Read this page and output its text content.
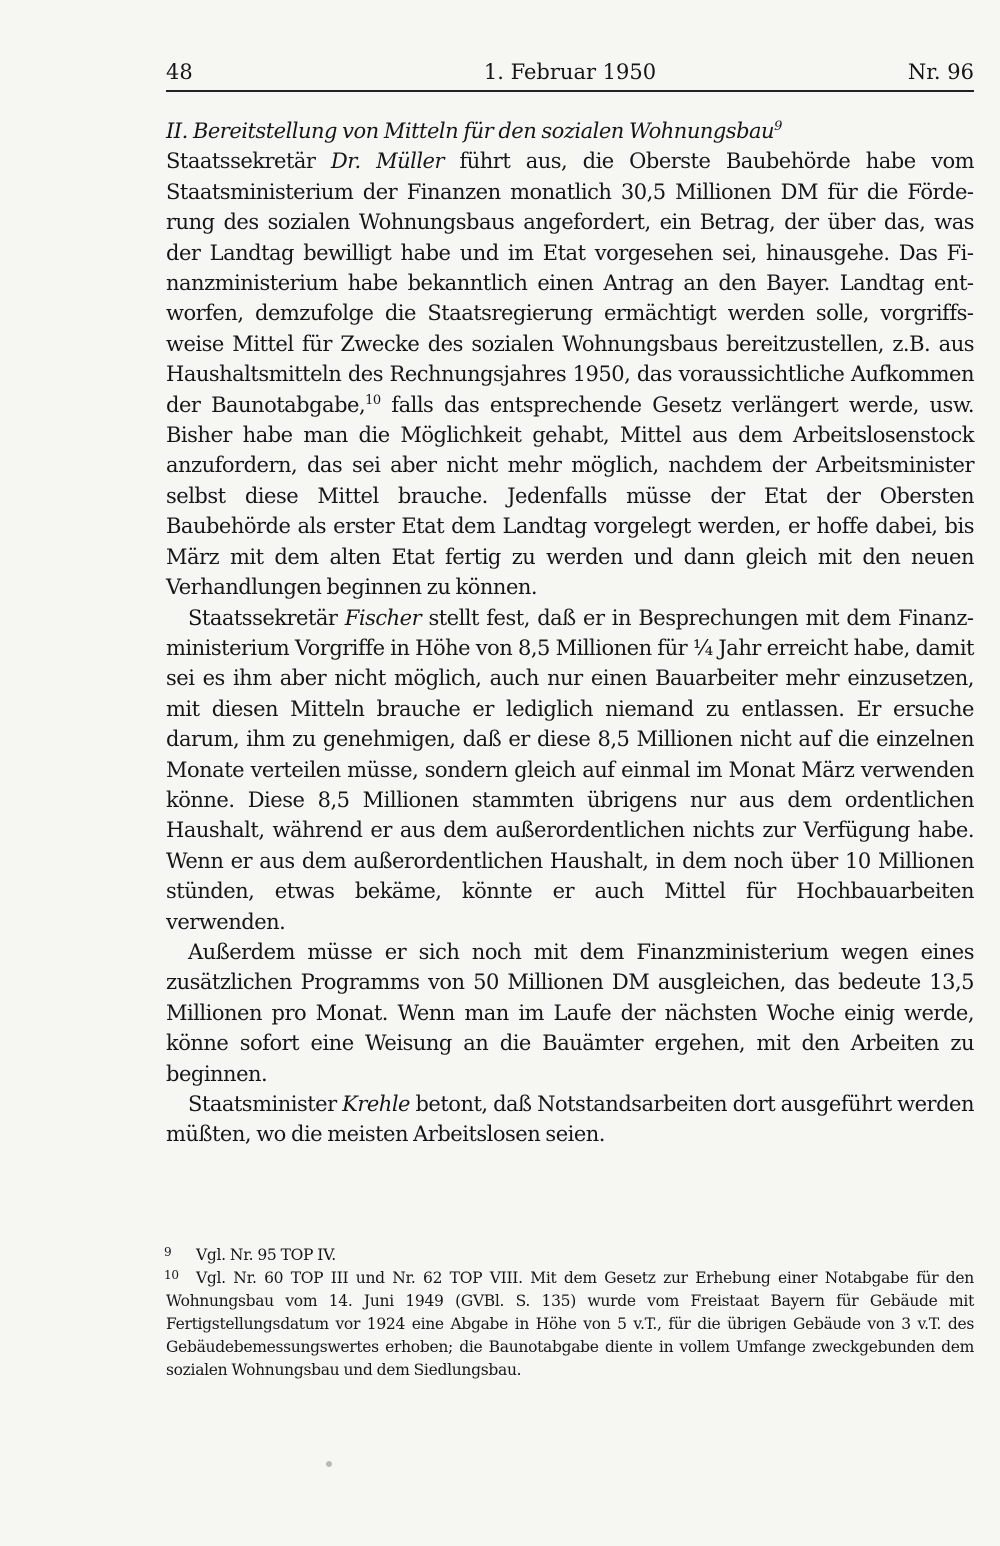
48	1. Februar 1950	Nr. 96

II. Bereitstellung von Mitteln für den sozialen Wohnungsbau$^9$

Staatssekretär Dr. Müller führt aus, die Oberste Baubehörde habe vom Staatsministerium der Finanzen monatlich 30,5 Millionen DM für die Förderung des sozialen Wohnungsbaus angefordert, ein Betrag, der über das, was der Landtag bewilligt habe und im Etat vorgesehen sei, hinausgehe. Das Finanzministerium habe bekanntlich einen Antrag an den Bayer. Landtag entworfen, demzufolge die Staatsregierung ermächtigt werden solle, vorgriffsweise Mittel für Zwecke des sozialen Wohnungsbaus bereitzustellen, z.B. aus Haushaltsmitteln des Rechnungsjahres 1950, das voraussichtliche Aufkommen der Baunotabgabe,$^{10}$ falls das entsprechende Gesetz verlängert werde, usw. Bisher habe man die Möglichkeit gehabt, Mittel aus dem Arbeitslosenstock anzufordern, das sei aber nicht mehr möglich, nachdem der Arbeitsminister selbst diese Mittel brauche. Jedenfalls müsse der Etat der Obersten Baubehörde als erster Etat dem Landtag vorgelegt werden, er hoffe dabei, bis März mit dem alten Etat fertig zu werden und dann gleich mit den neuen Verhandlungen beginnen zu können.

Staatssekretär Fischer stellt fest, daß er in Besprechungen mit dem Finanzministerium Vorgriffe in Höhe von 8,5 Millionen für ¼ Jahr erreicht habe, damit sei es ihm aber nicht möglich, auch nur einen Bauarbeiter mehr einzusetzen, mit diesen Mitteln brauche er lediglich niemand zu entlassen. Er ersuche darum, ihm zu genehmigen, daß er diese 8,5 Millionen nicht auf die einzelnen Monate verteilen müsse, sondern gleich auf einmal im Monat März verwenden könne. Diese 8,5 Millionen stammten übrigens nur aus dem ordentlichen Haushalt, während er aus dem außerordentlichen nichts zur Verfügung habe. Wenn er aus dem außerordentlichen Haushalt, in dem noch über 10 Millionen stünden, etwas bekäme, könnte er auch Mittel für Hochbauarbeiten verwenden.

Außerdem müsse er sich noch mit dem Finanzministerium wegen eines zusätzlichen Programms von 50 Millionen DM ausgleichen, das bedeute 13,5 Millionen pro Monat. Wenn man im Laufe der nächsten Woche einig werde, könne sofort eine Weisung an die Bauämter ergehen, mit den Arbeiten zu beginnen.

Staatsminister Krehle betont, daß Notstandsarbeiten dort ausgeführt werden müßten, wo die meisten Arbeitslosen seien.

9	Vgl. Nr. 95 TOP IV.
10	Vgl. Nr. 60 TOP III und Nr. 62 TOP VIII. Mit dem Gesetz zur Erhebung einer Notabgabe für den Wohnungsbau vom 14. Juni 1949 (GVBl. S. 135) wurde vom Freistaat Bayern für Gebäude mit Fertigstellungsdatum vor 1924 eine Abgabe in Höhe von 5 v.T., für die übrigen Gebäude von 3 v.T. des Gebäudebemessungswertes erhoben; die Baunotabgabe diente in vollem Umfange zweckgebunden dem sozialen Wohnungsbau und dem Siedlungsbau.
